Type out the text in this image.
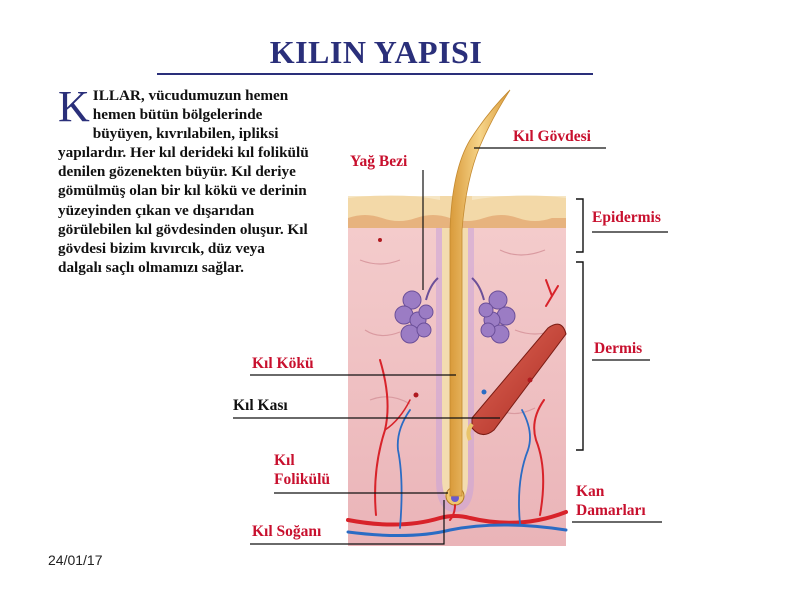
KILIN YAPISI
KILLAR, vücudumuzun hemen hemen bütün bölgelerinde büyüyen, kıvrılabilen, ipliksi yapılardır. Her kıl derideki kıl folikülü denilen gözenekten büyür. Kıl deriye gömülmüş olan bir kıl kökü ve derinin yüzeyinden çıkan ve dışarıdan görülebilen kıl gövdesinden oluşur. Kıl gövdesi bizim kıvırcık, düz veya dalgalı saçlı olmamızı sağlar.
Kıl Gövdesi
Yağ Bezi
Epidermis
Dermis
Kıl Kökü
Kıl Kası
Kıl
Folikülü
Kan
Damarları
Kıl Soğanı
24/01/17
